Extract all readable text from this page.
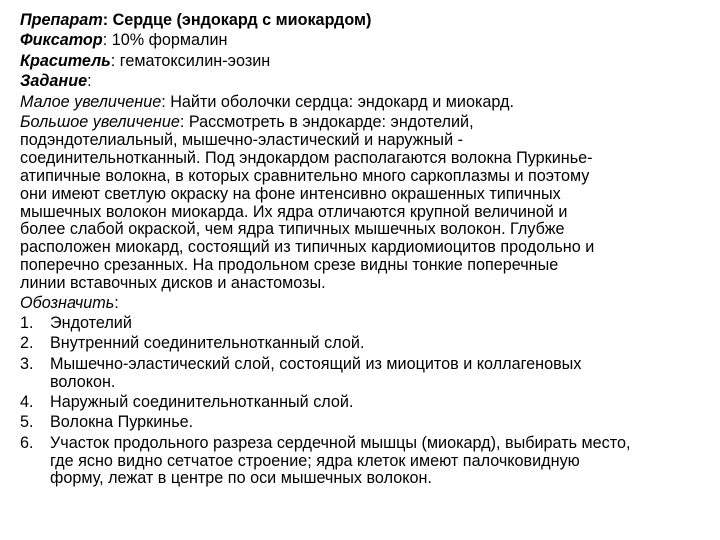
Препарат: Сердце (эндокард с миокардом)

Фиксатор: 10% формалин

Краситель: гематоксилин-эозин

Задание:

Малое увеличение: Найти оболочки сердца: эндокард и миокард.

Большое увеличение: Рассмотреть в эндокарде: эндотелий,
подэндотелиальный, мышечно-эластический и наружный -
соединительнотканный. Под эндокардом располагаются волокна Пуркинье-
атипичные волокна, в которых сравнительно много саркоплазмы и поэтому
они имеют светлую окраску на фоне интенсивно окрашенных типичных
мышечных волокон миокарда. Их ядра отличаются крупной величиной и
более слабой окраской, чем ядра типичных мышечных волокон. Глубже
расположен миокард, состоящий из типичных кардиомиоцитов продольно и
поперечно срезанных. На продольном срезе видны тонкие поперечные
линии вставочных дисков и анастомозы.

Обозначить:

1. Эндотелий
2. Внутренний соединительнотканный слой.
3. Мышечно-эластический слой, состоящий из миоцитов и коллагеновых
волокон.
4. Наружный соединительнотканный слой.
5. Волокна Пуркинье.
6. Участок продольного разреза сердечной мышцы (миокард), выбирать место,
где ясно видно сетчатое строение; ядра клеток имеют палочковидную
форму, лежат в центре по оси мышечных волокон.
